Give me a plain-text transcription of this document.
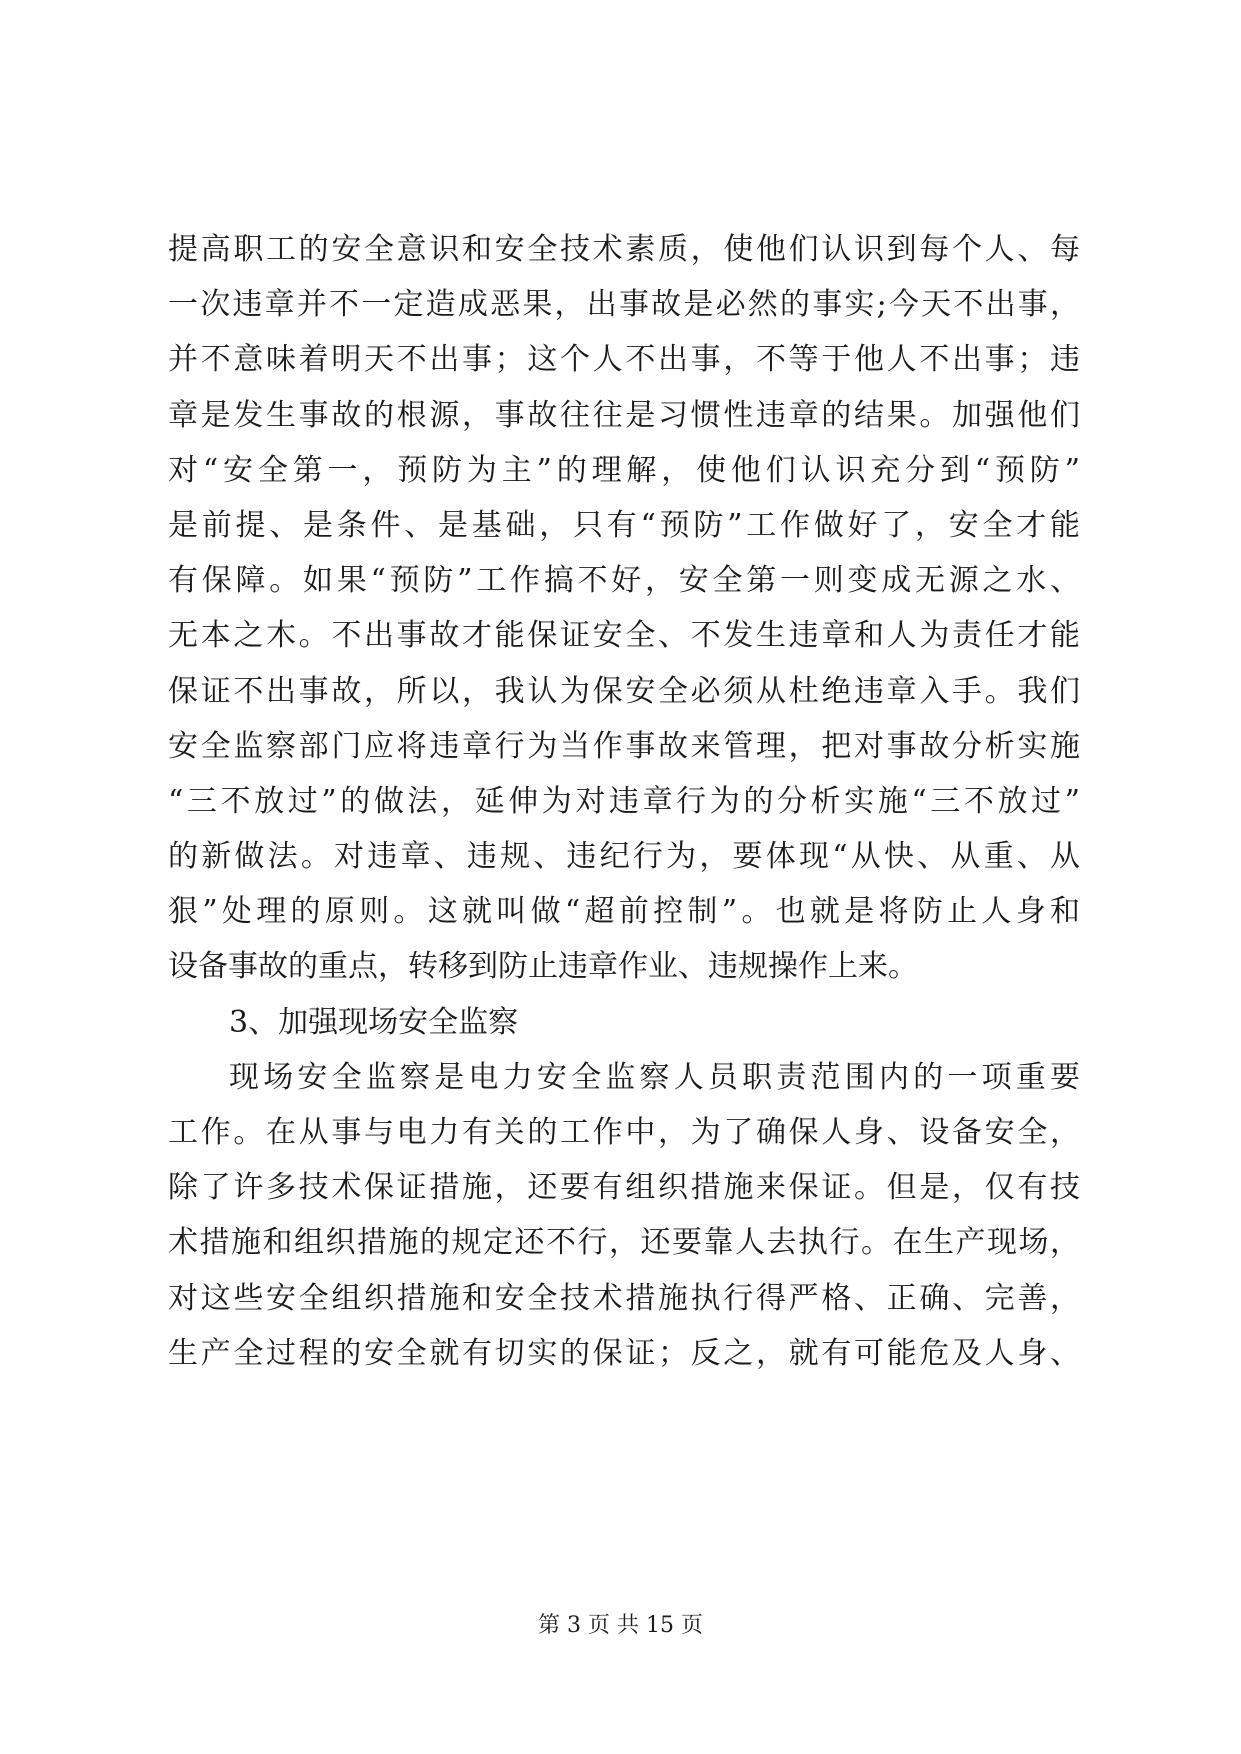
提高职工的安全意识和安全技术素质，使他们认识到每个人、每
一次违章并不一定造成恶果，出事故是必然的事实;今天不出事，
并不意味着明天不出事；这个人不出事，不等于他人不出事；违
章是发生事故的根源，事故往往是习惯性违章的结果。加强他们
对“安全第一，预防为主”的理解，使他们认识充分到“预防”
是前提、是条件、是基础，只有“预防”工作做好了，安全才能
有保障。如果“预防”工作搞不好，安全第一则变成无源之水、
无本之木。不出事故才能保证安全、不发生违章和人为责任才能
保证不出事故，所以，我认为保安全必须从杜绝违章入手。我们
安全监察部门应将违章行为当作事故来管理，把对事故分析实施
“三不放过”的做法，延伸为对违章行为的分析实施“三不放过”
的新做法。对违章、违规、违纪行为，要体现“从快、从重、从
狠”处理的原则。这就叫做“超前控制”。也就是将防止人身和
设备事故的重点，转移到防止违章作业、违规操作上来。
3、加强现场安全监察
现场安全监察是电力安全监察人员职责范围内的一项重要
工作。在从事与电力有关的工作中，为了确保人身、设备安全，
除了许多技术保证措施，还要有组织措施来保证。但是，仅有技
术措施和组织措施的规定还不行，还要靠人去执行。在生产现场，
对这些安全组织措施和安全技术措施执行得严格、正确、完善，
生产全过程的安全就有切实的保证；反之，就有可能危及人身、
第 3 页 共 15 页
